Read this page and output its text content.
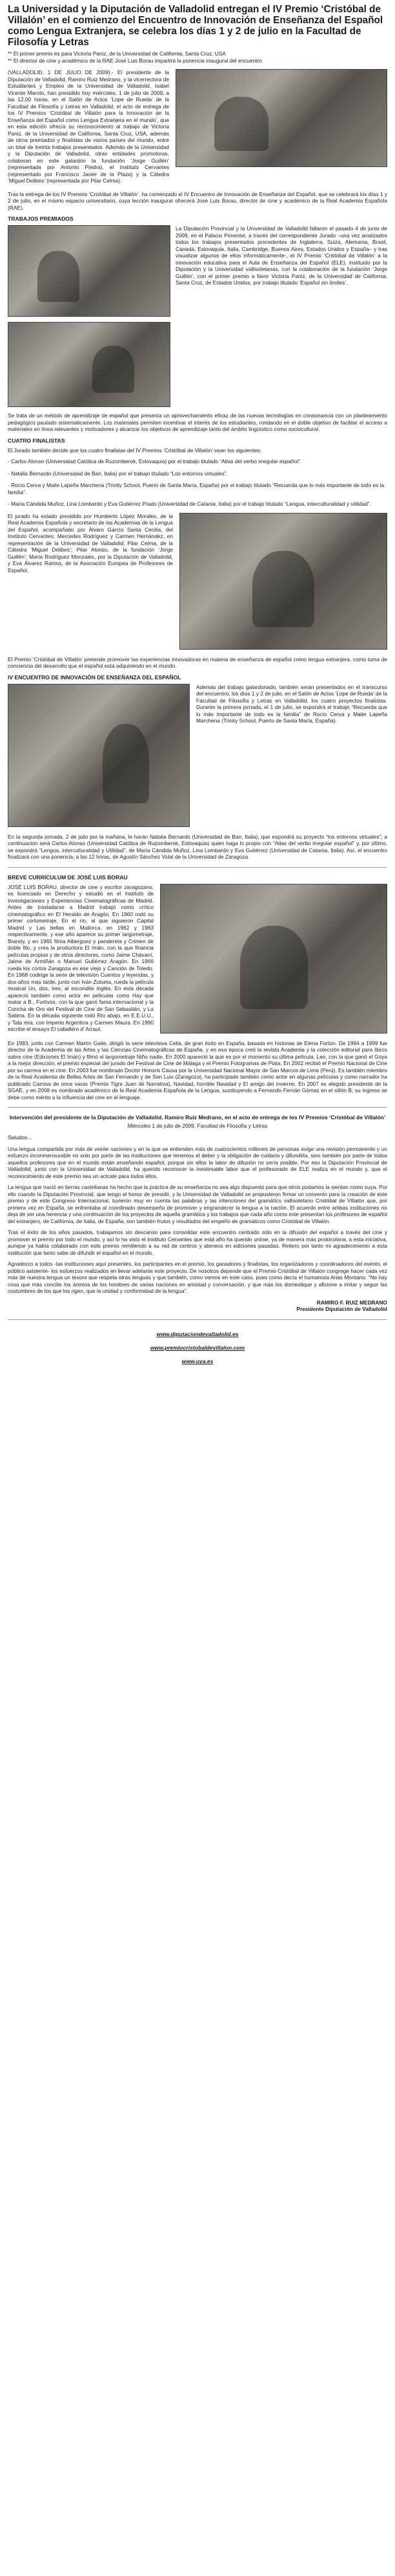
La Universidad y la Diputación de Valladolid entregan el IV Premio ‘Cristóbal de Villalón’ en el comienzo del Encuentro de Innovación de Enseñanza del Español como Lengua Extranjera, se celebra los días 1 y 2 de julio en la Facultad de Filosofía y Letras
** El primer premio es para Victoria Paniz, de la Universidad de California, Santa Cruz, USA
** El director de cine y académico de la RAE José Luis Borau impartirá la ponencia inaugural del encuentro

(VALLADOLID, 1 DE JULIO DE 2009).- El presidente de la Diputación de Valladolid, Ramiro Ruiz Medrano, y la vicerrectora de Estudiantes y Empleo de la Universidad de Valladolid, Isabel Vicente Maroto, han presidido hoy miércoles, 1 de julio de 2009, a las 12,00 horas, en el Salón de Actos ‘Lope de Rueda’ de la Facultad de Filosofía y Letras en Valladolid, el acto de entrega de los IV Premios ‘Cristóbal de Villalón para la Innovación de la Enseñanza del Español como Lengua Extranjera en el mundo’, que en esta edición ofrecía su reconocimiento al trabajo de Victoria Paniz, de la Universidad de California, Santa Cruz, USA, además de otros premiados y finalistas de varios países del mundo, entre un total de treinta trabajos presentados. Además de la Universidad y la Diputación de Valladolid, otras entidades promotoras, colaboran en este galardón la fundación ‘Jorge Guillén’ (representada por Antonio Piedra), el Instituto Cervantes (representado por Francisco Javier de la Plaza) y la Cátedra ‘Miguel Delibes’ (representada por Pilar Celma).

Tras la entrega de los IV Premios ‘Cristóbal de Villalón’, ha comenzado el IV Encuentro de Innovación de Enseñanza del Español, que se celebrará los días 1 y 2 de julio, en el mismo espacio universitario, cuya lección inaugural ofrecerá José Luis Borau, director de cine y académico de la Real Academia Española (RAE).

TRABAJOS PREMIADOS

La Diputación Provincial y la Universidad de Valladolid fallaron el pasado 4 de junio de 2009, en el Palacio Pimentel, a través del correspondiente Jurado –una vez analizados todos los trabajos presentados procedentes de Inglaterra, Suiza, Alemania, Brasil, Canadá, Eslovaquia, Italia, Cambridge, Buenos Aires, Estados Unidos y España– y tras visualizar algunos de ellos informáticamente-, el IV Premio ‘Cristóbal de Villalón’ a la innovación educativa para el Aula de Enseñanza del Español (ELE), instituido por la Diputación y la Universidad vallisoletanas, con la colaboración de la fundación ‘Jorge Guillén’, con el primer premio a favor Victoria Paniz, de la Universidad de California, Santa Cruz, de Estados Unidos, por trabajo titulado ‘Español sin límites’.

Se trata de un método de aprendizaje de español que presenta un aprovechamiento eficaz de las nuevas tecnologías en consonancia con un planteamiento pedagógico pautado sistemáticamente. Los materiales permiten incentivar el interés de los estudiantes, rondando en el doble objetivo de facilitar el acceso a materiales en línea relevantes y motivadores y alcanzar los objetivos de aprendizaje tanto del ámbito lingüístico como sociocultural.

CUATRO FINALISTAS

El Jurado también decide que los cuatro finalistas del IV Premios ‘Cristóbal de Villalón’ sean los siguientes:

- Carlos Alonso (Universidad Católica de Ruzomberok, Eslovaquia) por el trabajo titulado “Atlas del verbo irregular español”.
- Natalia Bernardo (Universidad de Bari, Italia) por el trabajo titulado “Los entornos virtuales”.
- Rocío Cerva y Maite Lapeña Marchena (Trinity School, Puerto de Santa María, España) por el trabajo titulado “Recuerda que lo más importante de todo es la familia”.
- María Cándida Muñoz, Lina Lombardo y Eva Gutiérrez Prado (Universidad de Catania, Italia) por el trabajo titulado “Lengua, interculturalidad y utilidad”.

El jurado ha estado presidido por Humberto López Morales, de la Real Academia Española y secretario de las Academias de la Lengua del Español, acompañado por Álvaro García Santa Cecilia, del Instituto Cervantes; Mercedes Rodríguez y Carmen Hernández, en representación de la Universidad de Valladolid; Pilar Celma, de la Cátedra ‘Miguel Delibes’; Pilar Alonso, de la fundación ‘Jorge Guillén’; María Rodríguez Monzales, por la Diputación de Valladolid, y Eva Álvarez Ramos, de la Asociación Europea de Profesores de Español.

El Premio ‘Cristóbal de Villalón’ pretende promover las experiencias innovadoras en materia de enseñanza de español como lengua extranjera, como toma de conciencia del desarrollo que el español está adquiriendo en el mundo.

IV ENCUENTRO DE INNOVACIÓN DE ENSEÑANZA DEL ESPAÑOL

Además del trabajo galardonado, también serán presentados en el transcurso del encuentro, los días 1 y 2 de julio, en el Salón de Actos ‘Lope de Rueda’ de la Facultad de Filosofía y Letras en Valladolid, los cuatro proyectos finalistas. Durante la primera jornada, el 1 de julio, se expondrá el trabajo “Recuerda que lo más importante de todo es la familia” de Rocío Cerva y Maite Lapeña Marchena (Trinity School, Puerto de Santa María, España).

En la segunda jornada, 2 de julio por la mañana, le harán Natalia Bernardo (Universidad de Bari, Italia), que expondrá su proyecto “los entornos virtuales”; a continuación será Carlos Alonso (Universidad Católica de Ruzomberok, Eslovaquia) quien haga lo propio con “Atlas del verbo irregular español” y, por último, se expondrá “Lengua, interculturalidad y Utilidad”, de María Cándida Muñoz, Lina Lombardo y Eva Gutiérrez (Universidad de Catania, Italia). Así, el encuentro finalizará con una ponencia, a las 12 horas, de Agustín Sánchez Vidal de la Universidad de Zaragoza.

BREVE CURRÍCULUM DE JOSÉ LUIS BORAU

JOSÉ LUIS BORAU, director de cine y escritor zaragozano, es licenciado en Derecho y estudió en el Instituto de Investigaciones y Experiencias Cinematográficas de Madrid. Antes de trasladarse a Madrid trabajó como crítico cinematográfico en El Heraldo de Aragón. En 1960 rodó su primer cortometraje, En el río, al que siguieron Capital Madrid y Las bellas en Mallorca, en 1962 y 1963 respectivamente, y ese año aparece su primer largometraje, Brandy, y en 1965 filma Alberguez y pandereta y Crimen de doble filo, y crea la productora El Imán, con la que financia películas propias y de otros directores, como Jaime Chávarri, Jaime de Armiñán o Manuel Gutiérrez Aragón. En 1966 rueda los cortos Zaragoza es ese viejo y Canción de Toledo. En 1968 codirige la serie de televisión Cuentos y leyendas, y dos años más tarde, junto con Iván Zulueta, rueda la película musical Un, dos, tres, al escondite inglés. En esta década apareció también como actor en películas como Hay que matar a B., Furtivos, con la que ganó fama internacional y la Concha de Oro del Festival de Cine de San Sebastián, y La Sabina. En la década siguiente rodó Río abajo, en E.E.U.U., y Tata mía, con Imperio Argentina y Carmen Maura. En 1990 escribe el ensayo El caballero d’ Arraut.

En 1993, junto con Carmen Martín Gaite, dirigió la serie televisiva Celia, de gran éxito en España, basada en historias de Elena Fortún. De 1994 a 1999 fue director de la Academia de las Artes y las Ciencias Cinematográficas de España, y en esa época creó la revista Academia y la colección editorial para libros sobre cine (Ediciones El Imán) y filmó el largometraje Niño nadie. En 2000 apareció la que es por el momento su última película, Leo, con la que ganó el Goya a la mejor dirección, el premio especial del jurado del Festival de Cine de Málaga y el Premio Fotogramas de Plata. En 2002 recibió el Premio Nacional de Cine por su carrera en el cine. En 2003 fue nombrado Doctor Honoris Causa por la Universidad Nacional Mayor de San Marcos de Lima (Perú). Es también miembro de la Real Academia de Bellas Artes de San Fernando y de San Luis (Zaragoza), ha participado también como actor en algunas películas y como narrador ha publicado Camisa de once varas (Premio Tigre Juan de Narrativa), Navidad, horrible Navidad y El amigo del invierno. En 2007 es elegido presidente de la SGAE, y en 2008 es nombrado académico de la Real Academia Española de la Lengua, sustituyendo a Fernando Fernán Gómez en el sillón B; su ingreso se debe como mérito a la influencia del cine en el lenguaje.

Intervención del presidente de la Diputación de Valladolid, Ramiro Ruiz Medrano, en el acto de entrega de los IV Premios ‘Cristóbal de Villalón’
Miércoles 1 de julio de 2009, Facultad de Filosofía y Letras

Saludos…

Una lengua compartida por más de veinte naciones y en la que se entienden más de cuatrocientos millones de personas exige una revisión permanente y un esfuerzo inconmensurable no solo por parte de las instituciones que tenemos el deber y la obligación de cuidarla y difundirla, sino también por parte de todos aquellos profesores que en el mundo están enseñando español, porque sin ellos la labor de difusión no sería posible. Por eso la Diputación Provincial de Valladolid, junto con la Universidad de Valladolid, ha querido reconocer la inestimable labor que el profesorado de ELE realiza en el mundo y, que el reconocimiento de este premio sea un acicate para todos ellos.

La lengua que nació en tierras castellanas ha hecho que la práctica de su enseñanza no sea algo dispuesto para que otros podamos la sientan como suya. Por ello cuando la Diputación Provincial, que tengo el honor de presidir, y la Universidad de Valladolid se propusieron firmar un convenio para la creación de este premio y de este Congreso Internacional, tuvieron muy en cuenta las palabras y las intenciones del gramático vallisoletano Cristóbal de Villalón que, por primera vez en España, se enfrentaba al coordinado desempeño de promover y engrandecer la lengua a la nación. El acuerdo entre ambas instituciones no deja de ser una herencia y una continuación de los proyectos de aquella gramática y los trabajos que cada año como este presentan los profesores de español del extranjero, de California, de Italia, de España, son también frutos y resultados del empeño de gramáticos como Cristóbal de Villalón.

Tras el éxito de los años pasados, trabajamos sin descanso para consolidar este encuentro centrado sólo en la difusión del español a través del cine y promover el premio por todo el mundo; y así lo ha visto el Instituto Cervantes que está año ha querido unirse, ya de manera más protocolaria, a esta iniciativa, aunque ya había colaborado con este premio remitiendo a su red de centros y ateneos en ediciones pasadas. Reitero por tanto mi agradecimiento a esta institución que tanto sabe de difundir el español en el mundo.

Agradezco a todos -las instituciones aquí presentes, los participantes en el premio, los ganadores y finalistas, los organizadores y coordinadores del evento, el público asistente- los esfuerzos realizados en llevar adelante este proyecto. De nosotros depende que el Premio Cristóbal de Villalón congrege hacer cada vez más de nuestra lengua un tesoro que respeta otras lenguas y que también, como vemos en este caso, pues como decía el humanista Arias Montano: “No hay cosa que más concilie los ánimos de los hombres de varias naciones en amistad y conversación, y que más los domestique y aficione a imitar y seguir las costumbres de los que los rigen, que la unidad y conformidad de la lengua”.

RAMIRO F. RUIZ MEDRANO
Presidente Diputación de Valladolid
www.diputaciondevalladolid.es
www.premiocristobaldevillalon.com
www.uva.es
